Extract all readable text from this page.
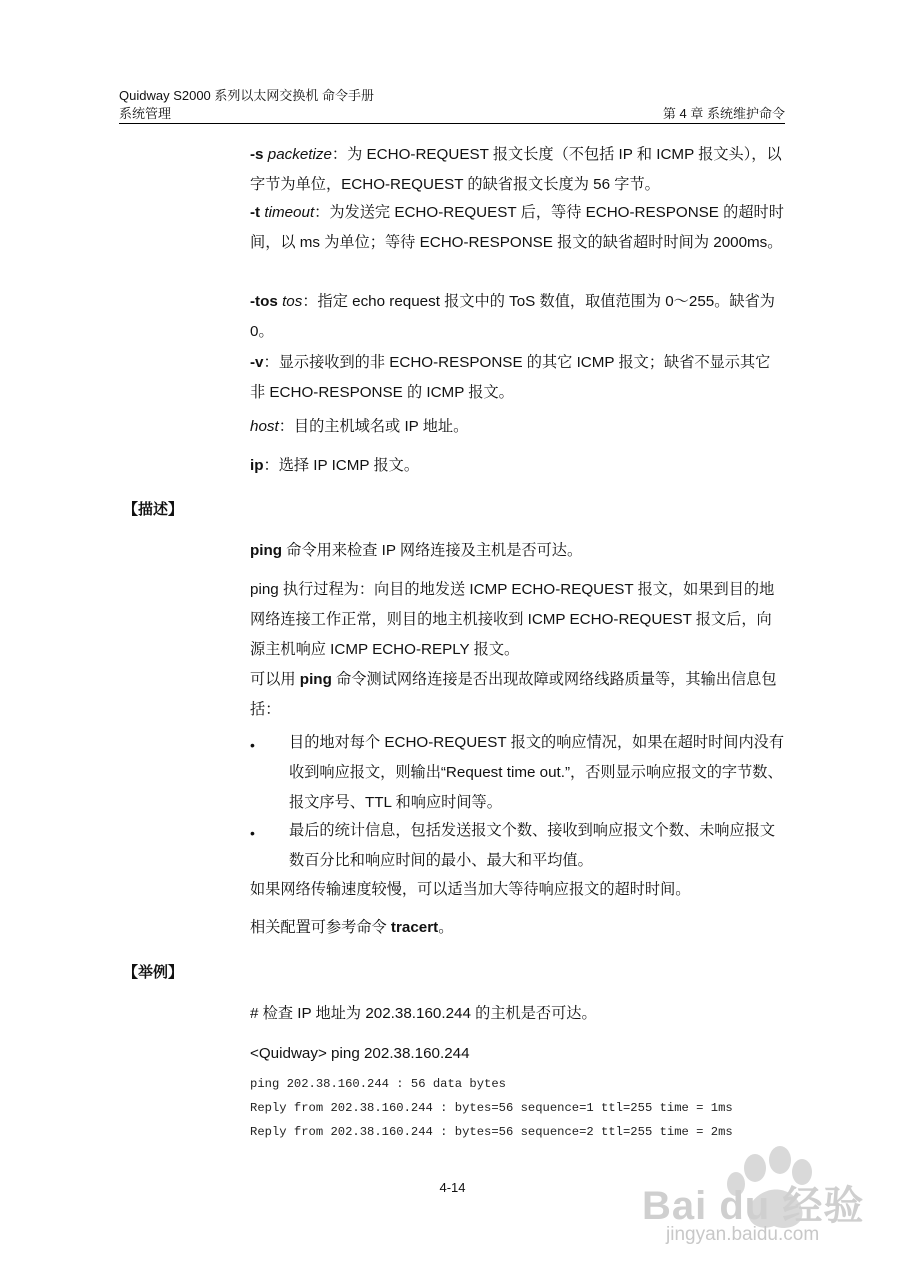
Quidway S2000 系列以太网交换机 命令手册
系统管理	第 4 章 系统维护命令
-s packetize：为 ECHO-REQUEST 报文长度（不包括 IP 和 ICMP 报文头），以字节为单位，ECHO-REQUEST 的缺省报文长度为 56 字节。
-t timeout：为发送完 ECHO-REQUEST 后，等待 ECHO-RESPONSE 的超时时间，以 ms 为单位；等待 ECHO-RESPONSE 报文的缺省超时时间为 2000ms。
-tos tos：指定 echo request 报文中的 ToS 数值，取值范围为 0～255。缺省为 0。
-v：显示接收到的非 ECHO-RESPONSE 的其它 ICMP 报文；缺省不显示其它非 ECHO-RESPONSE 的 ICMP 报文。
host：目的主机域名或 IP 地址。
ip：选择 IP ICMP 报文。
【描述】
ping 命令用来检查 IP 网络连接及主机是否可达。
ping 执行过程为：向目的地发送 ICMP ECHO-REQUEST 报文，如果到目的地网络连接工作正常，则目的地主机接收到 ICMP ECHO-REQUEST 报文后，向源主机响应 ICMP ECHO-REPLY 报文。
可以用 ping 命令测试网络连接是否出现故障或网络线路质量等，其输出信息包括：
• 目的地对每个 ECHO-REQUEST 报文的响应情况，如果在超时时间内没有收到响应报文，则输出“Request time out.”，否则显示响应报文的字节数、报文序号、TTL 和响应时间等。
• 最后的统计信息，包括发送报文个数、接收到响应报文个数、未响应报文数百分比和响应时间的最小、最大和平均值。
如果网络传输速度较慢，可以适当加大等待响应报文的超时时间。
相关配置可参考命令 tracert。
【举例】
# 检查 IP 地址为 202.38.160.244 的主机是否可达。
<Quidway> ping 202.38.160.244
ping 202.38.160.244 : 56 data bytes
Reply from 202.38.160.244 : bytes=56 sequence=1 ttl=255 time = 1ms
Reply from 202.38.160.244 : bytes=56 sequence=2 ttl=255 time = 2ms
4-14	Bai du 经验
jingyan.baidu.com
